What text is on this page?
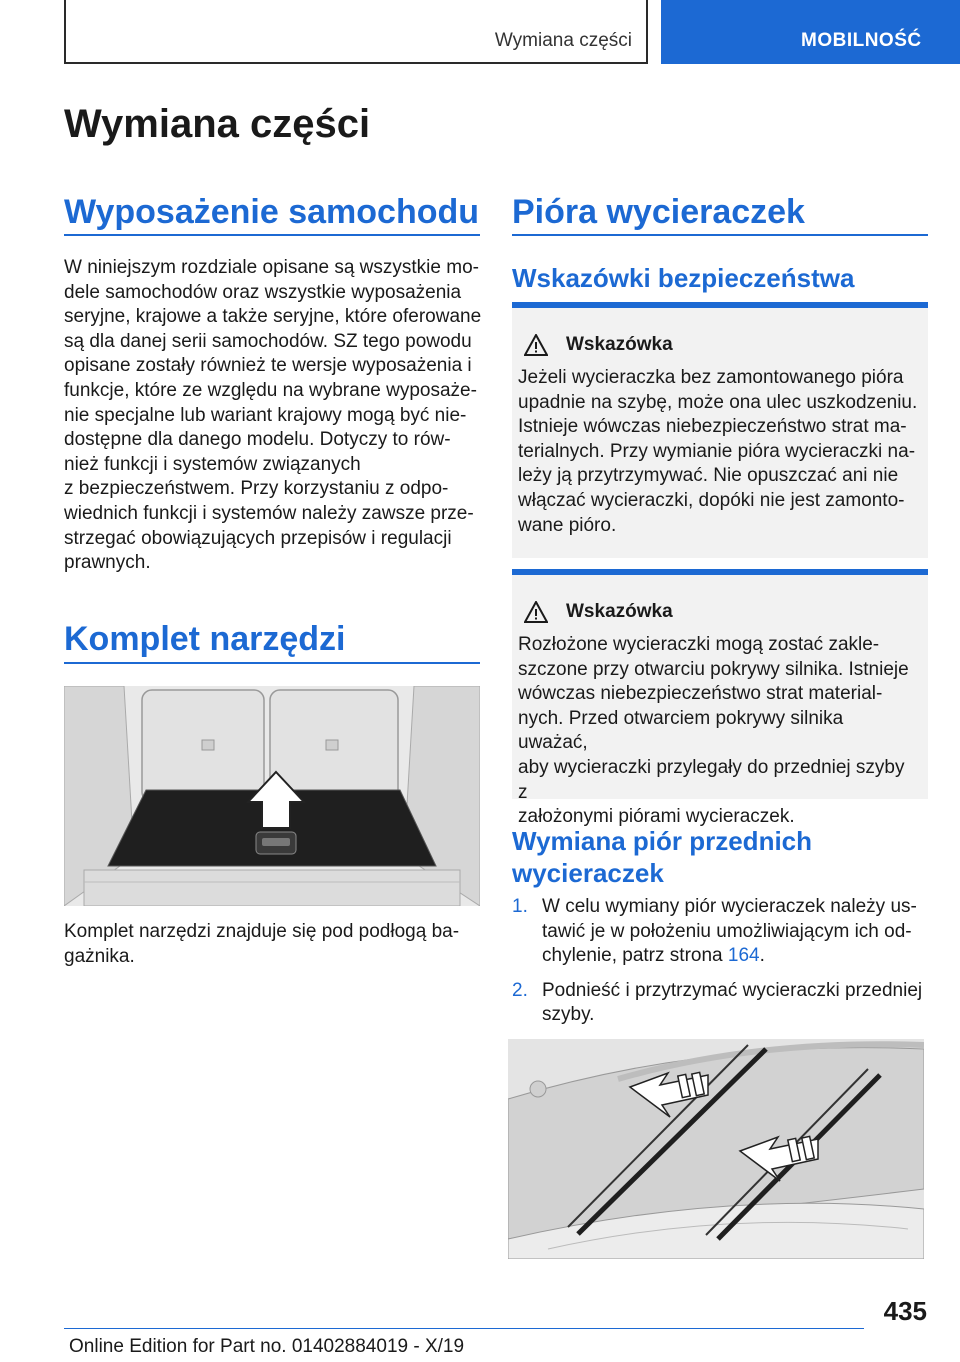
Wymiana części	MOBILNOŚĆ
Wymiana części
Wyposażenie samochodu

W niniejszym rozdziale opisane są wszystkie mo‐

dele samochodów oraz wszystkie wyposażenia

seryjne, krajowe a także seryjne, które oferowane

są dla danej serii samochodów. SZ tego powodu

opisane zostały również te wersje wyposażenia i

funkcje, które ze względu na wybrane wyposaże‐

nie specjalne lub wariant krajowy mogą być nie‐

dostępne dla danego modelu. Dotyczy to rów‐

nież funkcji i systemów związanych

z bezpieczeństwem. Przy korzystaniu z odpo‐

wiednich funkcji i systemów należy zawsze prze‐

strzegać obowiązujących przepisów i regulacji

prawnych.

Komplet narzędzi

Komplet narzędzi znajduje się pod podłogą ba‐

gażnika.

Pióra wycieraczek
Wskazówki bezpieczeństwa
Wskazówka

Jeżeli wycieraczka bez zamontowanego pióra

upadnie na szybę, może ona ulec uszkodzeniu.

Istnieje wówczas niebezpieczeństwo strat ma‐

terialnych. Przy wymianie pióra wycieraczki na‐

leży ją przytrzymywać. Nie opuszczać ani nie

włączać wycieraczki, dopóki nie jest zamonto‐

wane pióro.

Wskazówka

Rozłożone wycieraczki mogą zostać zakle‐

szczone przy otwarciu pokrywy silnika. Istnieje

wówczas niebezpieczeństwo strat material‐

nych. Przed otwarciem pokrywy silnika uważać,

aby wycieraczki przylegały do przedniej szyby z

założonymi piórami wycieraczek.

Wymiana piór przednich
wycieraczek
1. W celu wymiany piór wycieraczek należy us‐

tawić je w położeniu umożliwiającym ich od‐

chylenie, patrz strona 164.

2. Podnieść i przytrzymać wycieraczki przedniej

szyby.

435
Online Edition for Part no. 01402884019 - X/19
